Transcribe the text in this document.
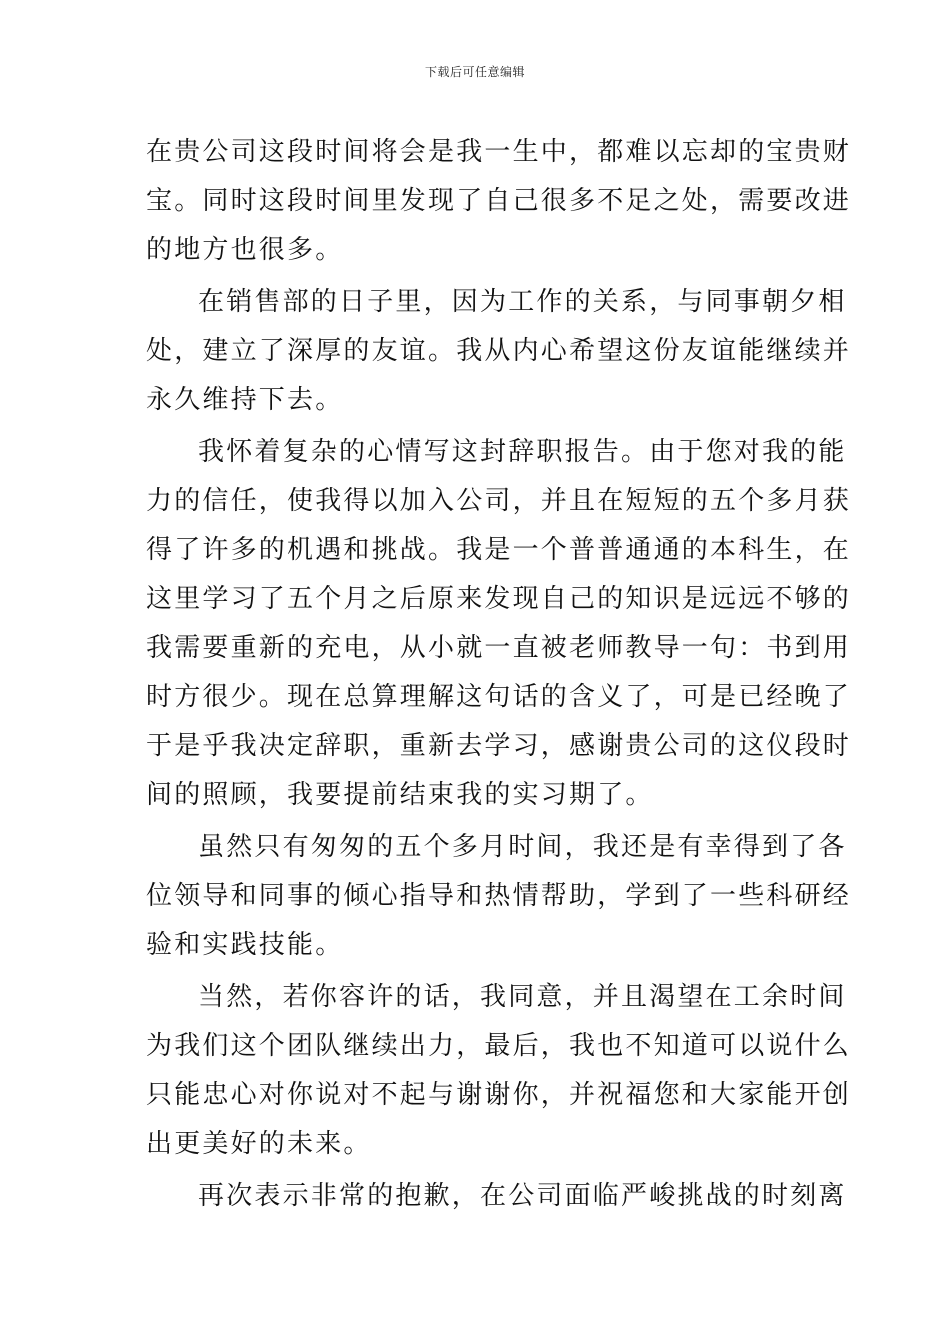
下载后可任意编辑
在贵公司这段时间将会是我一生中，都难以忘却的宝贵财
宝。同时这段时间里发现了自己很多不足之处，需要改进
的地方也很多。
在销售部的日子里，因为工作的关系，与同事朝夕相
处，建立了深厚的友谊。我从内心希望这份友谊能继续并
永久维持下去。
我怀着复杂的心情写这封辞职报告。由于您对我的能
力的信任，使我得以加入公司，并且在短短的五个多月获
得了许多的机遇和挑战。我是一个普普通通的本科生，在
这里学习了五个月之后原来发现自己的知识是远远不够的
我需要重新的充电，从小就一直被老师教导一句：书到用
时方很少。现在总算理解这句话的含义了，可是已经晚了
于是乎我决定辞职，重新去学习，感谢贵公司的这仪段时
间的照顾，我要提前结束我的实习期了。
虽然只有匆匆的五个多月时间，我还是有幸得到了各
位领导和同事的倾心指导和热情帮助，学到了一些科研经
验和实践技能。
当然，若你容许的话，我同意，并且渴望在工余时间
为我们这个团队继续出力，最后，我也不知道可以说什么
只能忠心对你说对不起与谢谢你，并祝福您和大家能开创
出更美好的未来。
再次表示非常的抱歉，在公司面临严峻挑战的时刻离
